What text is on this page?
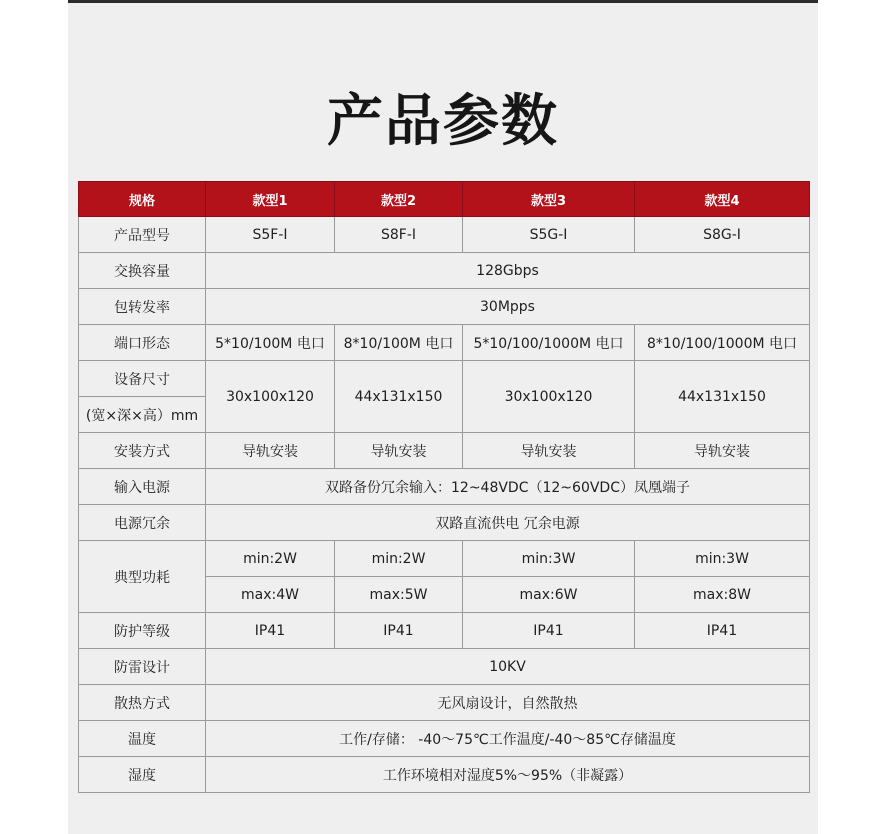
产品参数
规格	款型1	款型2	款型3	款型4
产品型号	S5F-I	S8F-I	S5G-I	S8G-I
交换容量	128Gbps			
包转发率	30Mpps			
端口形态	5*10/100M 电口	8*10/100M 电口	5*10/100/1000M 电口	8*10/100/1000M 电口
设备尺寸	30x100x120	44x131x150	30x100x120	44x131x150
(宽×深×高）mm				
安装方式	导轨安装	导轨安装	导轨安装	导轨安装
输入电源	双路备份冗余输入：12~48VDC（12~60VDC）凤凰端子			
电源冗余	双路直流供电 冗余电源			
典型功耗	min:2W	min:2W	min:3W	min:3W
	max:4W	max:5W	max:6W	max:8W
防护等级	IP41	IP41	IP41	IP41
防雷设计	10KV			
散热方式	无风扇设计，自然散热			
温度	工作/存储： -40～75℃工作温度/-40～85℃存储温度			
湿度	工作环境相对湿度5%～95%（非凝露）			
